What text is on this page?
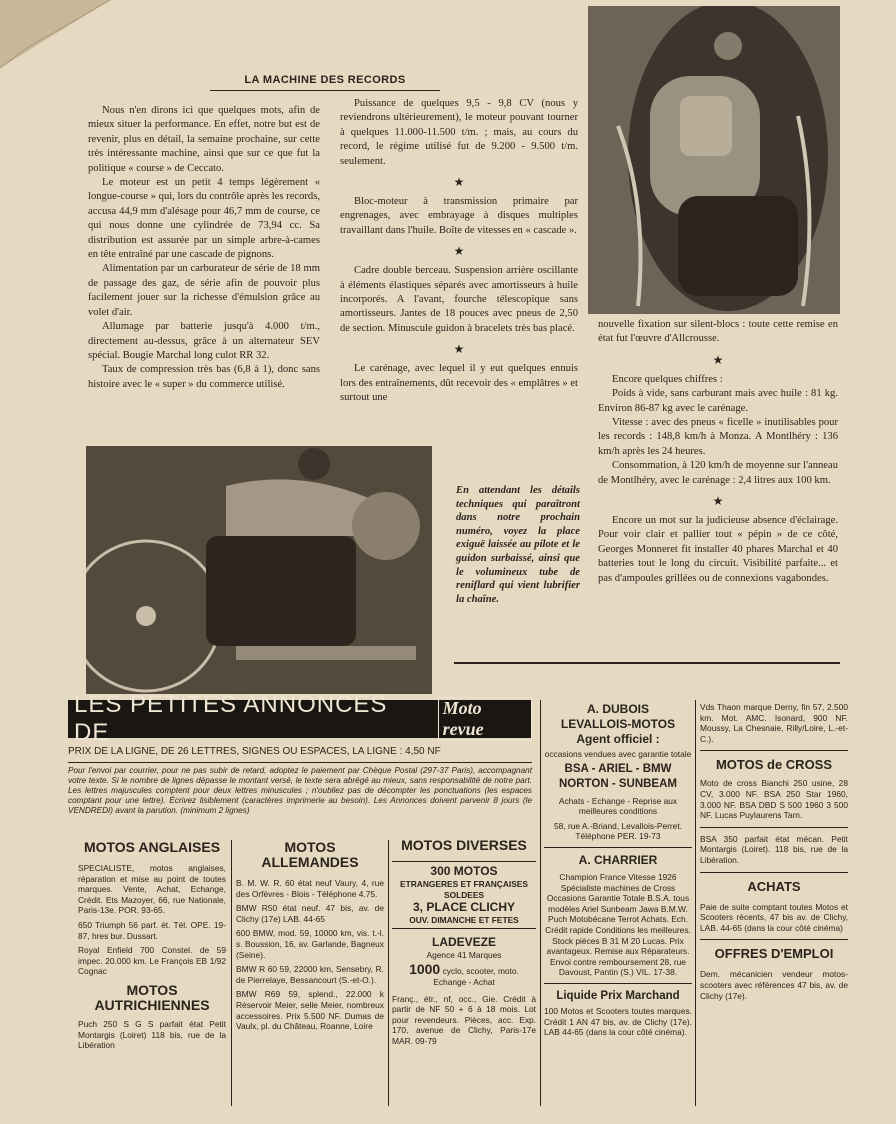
LA MACHINE DES RECORDS

Nous n'en dirons ici que quelques mots, afin de mieux situer la performance. En effet, notre but est de revenir, plus en détail, la semaine prochaine, sur cette très intéressante machine, ainsi que sur ce que fut la politique « course » de Ceccato.

Le moteur est un petit 4 temps légèrement « longue-course » qui, lors du contrôle après les records, accusa 44,9 mm d'alésage pour 46,7 mm de course, ce qui nous donne une cylindrée de 73,94 cc. Sa distribution est assurée par un simple arbre-à-cames en tête entraîné par une cascade de pignons.

Alimentation par un carburateur de série de 18 mm de passage des gaz, de série afin de pouvoir plus facilement jouer sur la richesse d'émulsion grâce au volet d'air.

Allumage par batterie jusqu'à 4.000 t/m., directement au-dessus, grâce à un alternateur SEV spécial. Bougie Marchal long culot RR 32.

Taux de compression très bas (6,8 à 1), donc sans histoire avec le « super » du commerce utilisé.

Puissance de quelques 9,5 - 9,8 CV (nous y reviendrons ultérieurement), le moteur pouvant tourner à quelques 11.000-11.500 t/m. ; mais, au cours du record, le régime utilisé fut de 9.200 - 9.500 t/m. seulement.

★

Bloc-moteur à transmission primaire par engrenages, avec embrayage à disques multiples travaillant dans l'huile. Boîte de vitesses en « cascade ».

★

Cadre double berceau. Suspension arrière oscillante à éléments élastiques séparés avec amortisseurs à huile incorporés. A l'avant, fourche télescopique sans amortisseurs. Jantes de 18 pouces avec pneus de 2,50 de section. Minuscule guidon à bracelets très bas placé.

★

Le carénage, avec lequel il y eut quelques ennuis lors des entraînements, dût recevoir des « emplâtres » et surtout une

nouvelle fixation sur silent-blocs : toute cette remise en état fut l'œuvre d'Allcrousse.

★

Encore quelques chiffres :

Poids à vide, sans carburant mais avec huile : 81 kg. Environ 86-87 kg avec le carénage.

Vitesse : avec des pneus « ficelle » inutilisables pour les records : 148,8 km/h à Monza. A Montlhéry : 136 km/h après les 24 heures.

Consommation, à 120 km/h de moyenne sur l'anneau de Montlhéry, avec le carénage : 2,4 litres aux 100 km.

★

Encore un mot sur la judicieuse absence d'éclairage. Pour voir clair et pallier tout « pépin » de ce côté, Georges Monneret fit installer 40 phares Marchal et 40 batteries tout le long du circuit. Visibilité parfaite... et pas d'ampoules grillées ou de connexions vagabondes.

En attendant les détails techniques qui paraîtront dans notre prochain numéro, voyez la place exiguë laissée au pilote et le guidon surbaissé, ainsi que le volumineux tube de reniflard qui vient lubrifier la chaîne.
LES PETITES ANNONCES DE
Moto revue
PRIX DE LA LIGNE, DE 26 LETTRES, SIGNES OU ESPACES, LA LIGNE : 4,50 NF
Pour l'envoi par courrier, pour ne pas subir de retard, adoptez le paiement par Chèque Postal (297-37 Paris), accompagnant votre texte. Si le nombre de lignes dépasse le montant versé, le texte sera abrégé au mieux, sans responsabilité de notre part. Les lettres majuscules comptent pour deux lettres minuscules ; n'oubliez pas de décompter les ponctuations (les espaces comptant pour une lettre). Écrivez lisiblement (caractères imprimerie au besoin). Les Annonces doivent parvenir 8 jours (le VENDREDI) avant la parution. (minimum 2 lignes)
MOTOS ANGLAISES
SPECIALISTE, motos anglaises, réparation et mise au point de toutes marques. Vente, Achat, Echange, Crédit. Ets Mazoyer, 66, rue Nationale, Paris-13e. POR. 93-65.
650 Triumph 56 parf. ét. Tél. OPE. 19-87, hres bur. Dussart.
Royal Enfield 700 Constel. de 59 impec. 20.000 km. Le François EB 1/92 Cognac
MOTOS AUTRICHIENNES
Puch 250 S G S parfait état Petit Montargis (Loiret) 118 bis, rue de la Libération
MOTOS ALLEMANDES
B. M. W. R. 60 état neuf Vaury, 4, rue des Orfèvres - Blois - Téléphone 4.75.
BMW R50 état neuf. 47 bis, av. de Clichy (17e) LAB. 44-65
600 BMW, mod. 59, 10000 km, vis. t.-l. s. Boussion, 16, av. Garlande, Bagneux (Seine).
BMW R 60 59, 22000 km, Sensebry, R. de Pierrelaye, Bessancourt (S.-et-O.).
BMW R69 59, splend., 22.000 k Réservoir Meier, selle Meier, nombreux accessoires. Prix 5.500 NF. Dumas de Vaulx, pl. du Château, Roanne, Loire
MOTOS DIVERSES
300 MOTOS
ETRANGERES ET FRANÇAISES SOLDEES
3, PLACE CLICHY
OUV. DIMANCHE ET FETES
LADEVEZE
Agence 41 Marques
1000 cyclo, scooter, moto.
Echange - Achat
Franç., étr., nf, occ., Gie. Crédit à partir de NF 50 + 6 à 18 mois. Lot pour revendeurs. Pièces, acc. Exp. 170, avenue de Clichy, Paris-17e MAR. 09-79
A. DUBOIS
LEVALLOIS-MOTOS
Agent officiel :
occasions vendues avec garantie totale
BSA - ARIEL - BMW NORTON - SUNBEAM
Achats - Echange - Reprise aux meilleures conditions
58, rue A.-Briand, Levallois-Perret. Téléphone PER. 19-73
A. CHARRIER
Champion France Vitesse 1926 Spécialiste machines de Cross Occasions Garantie Totale B.S.A. tous modèles Ariel Sunbeam Jawa B.M.W. Puch Motobécane Terrot Achats. Ech. Crédit rapide Conditions les meilleures. Stock pièces B 31 M 20 Lucas. Prix avantageux. Remise aux Réparateurs. Envoi contre remboursement 28, rue Davoust, Pantin (S.) VIL. 17-38.
Liquide Prix Marchand
100 Motos et Scooters toutes marques. Crédit 1 AN 47 bis, av. de Clichy (17e). LAB 44-65 (dans la cour côté cinéma).
Vds Thaon marque Derny, fin 57, 2.500 km. Mot. AMC. Isonard, 900 NF. Moussy, La Chesnaie, Rilly/Loire, L.-et-C.).
MOTOS de CROSS
Moto de cross Bianchi 250 usine, 28 CV, 3.000 NF. BSA 250 Star 1960, 3.000 NF. BSA DBD S 500 1960 3 500 NF. Lucas Puylaurens Tarn.
BSA 350 parfait état mécan. Petit Montargis (Loiret). 118 bis, rue de la Libération.
ACHATS
Paie de suite comptant toutes Motos et Scooters récents, 47 bis av. de Clichy, LAB. 44-65 (dans la cour côté cinéma)
OFFRES D'EMPLOI
Dem. mécanicien vendeur motos-scooters avec références 47 bis, av. de Clichy (17e).
